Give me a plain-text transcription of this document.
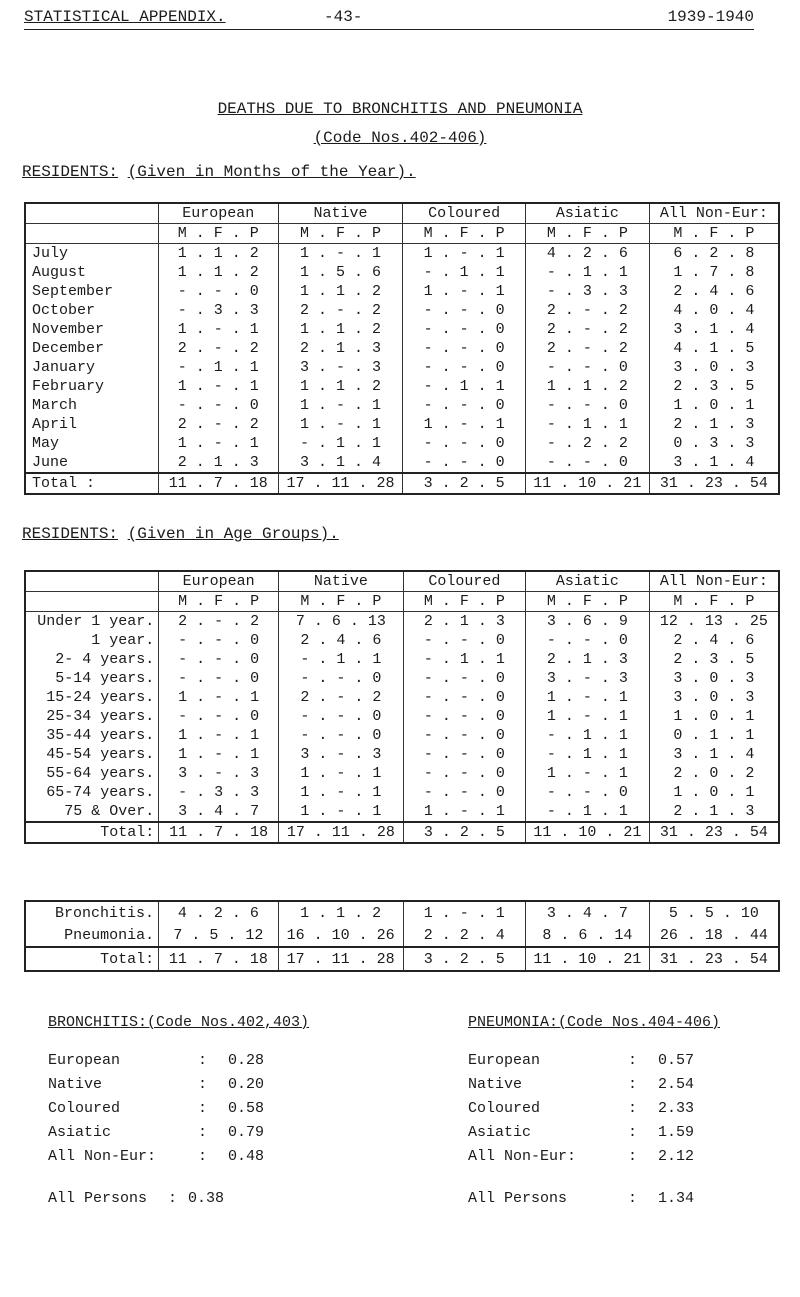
STATISTICAL APPENDIX.	-43-	1939-1940
DEATHS DUE TO BRONCHITIS AND PNEUMONIA
(Code Nos.402-406)
RESIDENTS: (Given in Months of the Year).
	European	Native	Coloured	Asiatic	All Non-Eur:
	M . F . P	M . F . P	M . F . P	M . F . P	M . F . P
July	1 . 1 . 2	1 . - . 1	1 . - . 1	4 . 2 . 6	6 . 2 . 8
August	1 . 1 . 2	1 . 5 . 6	- . 1 . 1	- . 1 . 1	1 . 7 . 8
September	- . - . 0	1 . 1 . 2	1 . - . 1	- . 3 . 3	2 . 4 . 6
October	- . 3 . 3	2 . - . 2	- . - . 0	2 . - . 2	4 . 0 . 4
November	1 . - . 1	1 . 1 . 2	- . - . 0	2 . - . 2	3 . 1 . 4
December	2 . - . 2	2 . 1 . 3	- . - . 0	2 . - . 2	4 . 1 . 5
January	- . 1 . 1	3 . - . 3	- . - . 0	- . - . 0	3 . 0 . 3
February	1 . - . 1	1 . 1 . 2	- . 1 . 1	1 . 1 . 2	2 . 3 . 5
March	- . - . 0	1 . - . 1	- . - . 0	- . - . 0	1 . 0 . 1
April	2 . - . 2	1 . - . 1	1 . - . 1	- . 1 . 1	2 . 1 . 3
May	1 . - . 1	- . 1 . 1	- . - . 0	- . 2 . 2	0 . 3 . 3
June	2 . 1 . 3	3 . 1 . 4	- . - . 0	- . - . 0	3 . 1 . 4
Total :	11 . 7 . 18	17 . 11 . 28	3 . 2 . 5	11 . 10 . 21	31 . 23 . 54
RESIDENTS: (Given in Age Groups).
	European	Native	Coloured	Asiatic	All Non-Eur:
	M . F . P	M . F . P	M . F . P	M . F . P	M . F . P
Under 1 year.	2 . - . 2	7 . 6 . 13	2 . 1 . 3	3 . 6 . 9	12 . 13 . 25
1 year.	- . - . 0	2 . 4 . 6	- . - . 0	- . - . 0	2 . 4 . 6
2- 4 years.	- . - . 0	- . 1 . 1	- . 1 . 1	2 . 1 . 3	2 . 3 . 5
5-14 years.	- . - . 0	- . - . 0	- . - . 0	3 . - . 3	3 . 0 . 3
15-24 years.	1 . - . 1	2 . - . 2	- . - . 0	1 . - . 1	3 . 0 . 3
25-34 years.	- . - . 0	- . - . 0	- . - . 0	1 . - . 1	1 . 0 . 1
35-44 years.	1 . - . 1	- . - . 0	- . - . 0	- . 1 . 1	0 . 1 . 1
45-54 years.	1 . - . 1	3 . - . 3	- . - . 0	- . 1 . 1	3 . 1 . 4
55-64 years.	3 . - . 3	1 . - . 1	- . - . 0	1 . - . 1	2 . 0 . 2
65-74 years.	- . 3 . 3	1 . - . 1	- . - . 0	- . - . 0	1 . 0 . 1
75 & Over.	3 . 4 . 7	1 . - . 1	1 . - . 1	- . 1 . 1	2 . 1 . 3
Total:	11 . 7 . 18	17 . 11 . 28	3 . 2 . 5	11 . 10 . 21	31 . 23 . 54
Bronchitis.	4 . 2 . 6	1 . 1 . 2	1 . - . 1	3 . 4 . 7	5 . 5 . 10
Pneumonia.	7 . 5 . 12	16 . 10 . 26	2 . 2 . 4	8 . 6 . 14	26 . 18 . 44
Total:	11 . 7 . 18	17 . 11 . 28	3 . 2 . 5	11 . 10 . 21	31 . 23 . 54
BRONCHITIS:(Code Nos.402,403)
European	: 0.28
Native	: 0.20
Coloured	: 0.58
Asiatic	: 0.79
All Non-Eur:	: 0.48
All Persons : 0.38
PNEUMONIA:(Code Nos.404-406)
European	: 0.57
Native	: 2.54
Coloured	: 2.33
Asiatic	: 1.59
All Non-Eur:	: 2.12
All Persons	: 1.34
